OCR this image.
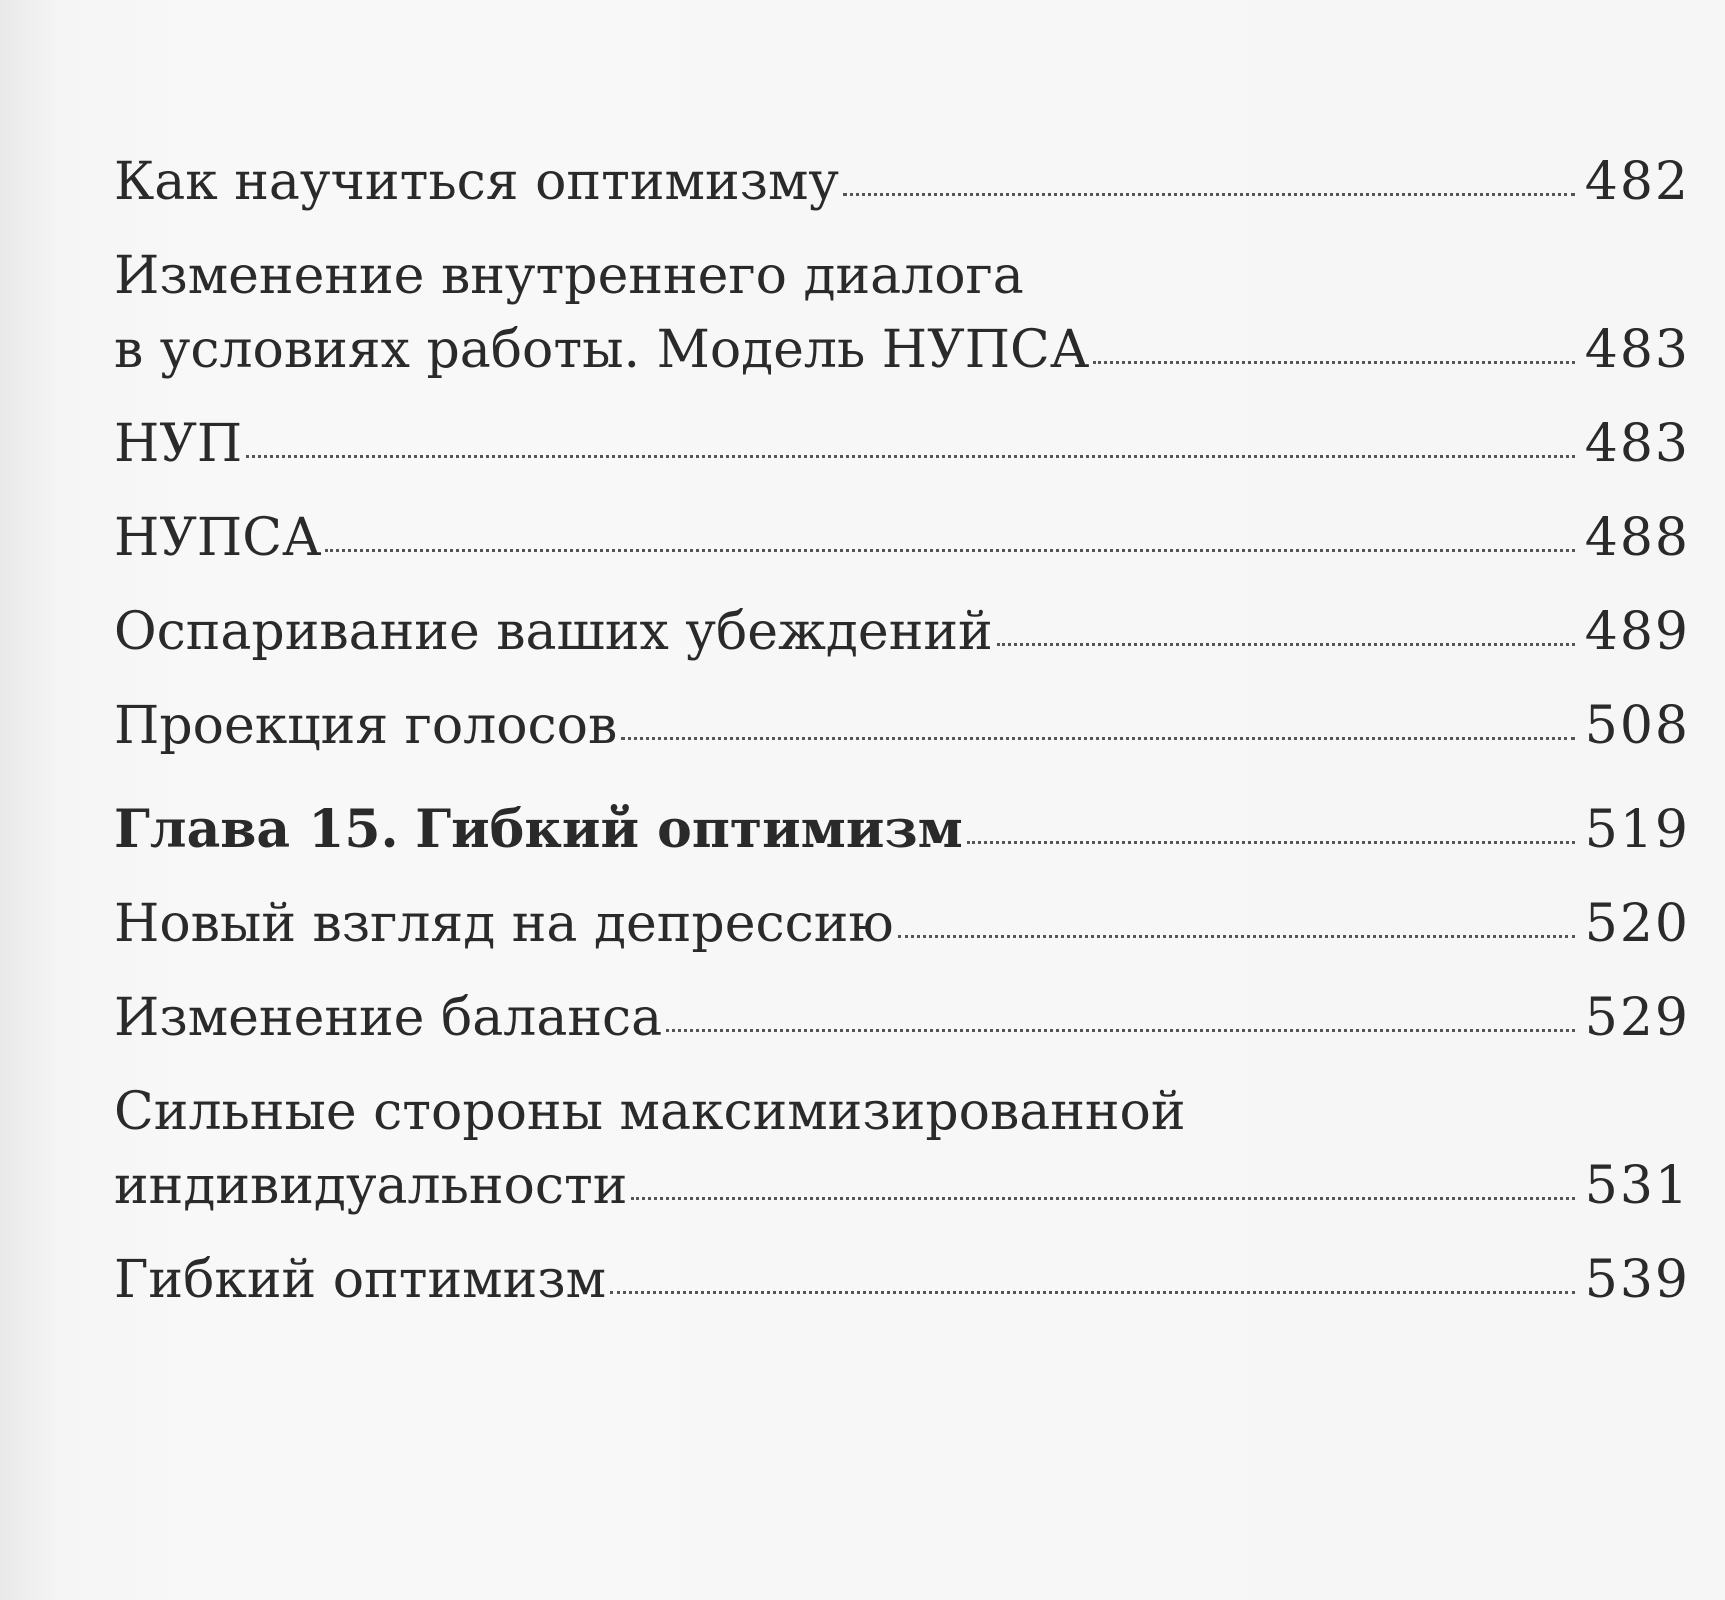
Как научиться оптимизму	482
Изменение внутреннего диалога
в условиях работы. Модель НУПСА	483
НУП	483
НУПСА	488
Оспаривание ваших убеждений	489
Проекция голосов	508
Глава 15. Гибкий оптимизм	519
Новый взгляд на депрессию	520
Изменение баланса	529
Сильные стороны максимизированной
индивидуальности	531
Гибкий оптимизм	539
